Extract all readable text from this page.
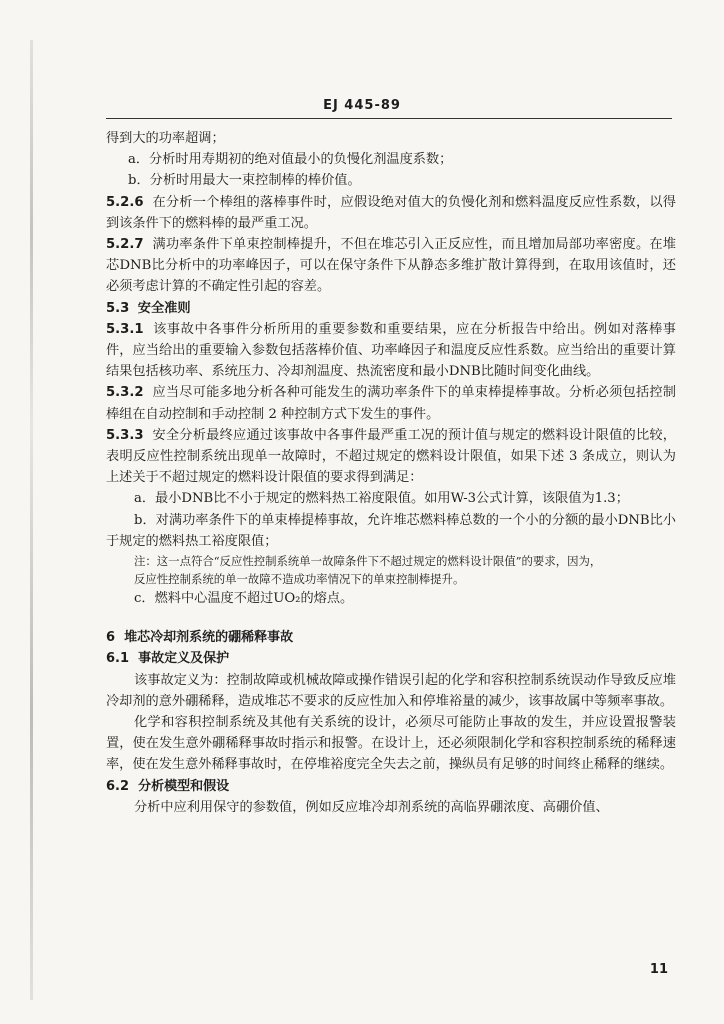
EJ 445-89

得到大的功率超调；

a．分析时用寿期初的绝对值最小的负慢化剂温度系数；

b．分析时用最大一束控制棒的棒价值。

5.2.6 在分析一个棒组的落棒事件时，应假设绝对值大的负慢化剂和燃料温度反应性系数，以得到该条件下的燃料棒的最严重工况。

5.2.7 满功率条件下单束控制棒提升，不但在堆芯引入正反应性，而且增加局部功率密度。在堆芯DNB比分析中的功率峰因子，可以在保守条件下从静态多维扩散计算得到，在取用该值时，还必须考虑计算的不确定性引起的容差。

5.3 安全准则

5.3.1 该事故中各事件分析所用的重要参数和重要结果，应在分析报告中给出。例如对落棒事件，应当给出的重要输入参数包括落棒价值、功率峰因子和温度反应性系数。应当给出的重要计算结果包括核功率、系统压力、冷却剂温度、热流密度和最小DNB比随时间变化曲线。

5.3.2 应当尽可能多地分析各种可能发生的满功率条件下的单束棒提棒事故。分析必须包括控制棒组在自动控制和手动控制 2 种控制方式下发生的事件。

5.3.3 安全分析最终应通过该事故中各事件最严重工况的预计值与规定的燃料设计限值的比较，表明反应性控制系统出现单一故障时，不超过规定的燃料设计限值，如果下述 3 条成立，则认为上述关于不超过规定的燃料设计限值的要求得到满足：

a．最小DNB比不小于规定的燃料热工裕度限值。如用W-3公式计算，该限值为1.3；

b．对满功率条件下的单束棒提棒事故，允许堆芯燃料棒总数的一个小的分额的最小DNB比小于规定的燃料热工裕度限值；

注：这一点符合“反应性控制系统单一故障条件下不超过规定的燃料设计限值”的要求，因为，

反应性控制系统的单一故障不造成功率情况下的单束控制棒提升。

c．燃料中心温度不超过UO₂的熔点。

6 堆芯冷却剂系统的硼稀释事故

6.1 事故定义及保护

该事故定义为：控制故障或机械故障或操作错误引起的化学和容积控制系统误动作导致反应堆冷却剂的意外硼稀释，造成堆芯不要求的反应性加入和停堆裕量的减少，该事故属中等频率事故。

化学和容积控制系统及其他有关系统的设计，必须尽可能防止事故的发生，并应设置报警装置，使在发生意外硼稀释事故时指示和报警。在设计上，还必须限制化学和容积控制系统的稀释速率，使在发生意外稀释事故时，在停堆裕度完全失去之前，操纵员有足够的时间终止稀释的继续。

6.2 分析模型和假设

分析中应利用保守的参数值，例如反应堆冷却剂系统的高临界硼浓度、高硼价值、

11
